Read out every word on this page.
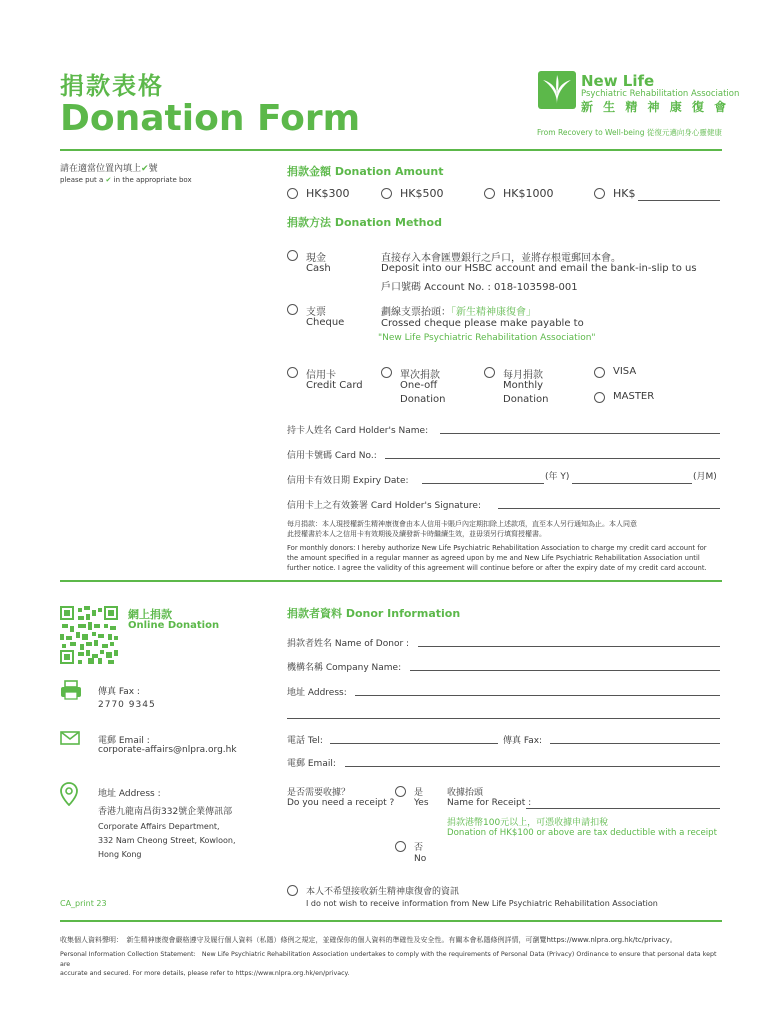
捐款表格
Donation Form
New Life
Psychiatric Rehabilitation Association
新 生 精 神 康 復 會
From Recovery to Well-being 從復元邁向身心靈健康
請在適當位置內填上✔號
please put a ✔ in the appropriate box
捐款金額 Donation Amount
HK$300	HK$500	HK$1000	HK$
捐款方法 Donation Method
現金
Cash
直接存入本會匯豐銀行之戶口，並將存根電郵回本會。
Deposit into our HSBC account and email the bank-in-slip to us
戶口號碼 Account No. : 018-103598-001
支票
Cheque
劃線支票抬頭：「新生精神康復會」
Crossed cheque please make payable to
"New Life Psychiatric Rehabilitation Association"
信用卡
Credit Card
單次捐款
One-off
Donation
每月捐款
Monthly
Donation
VISA
MASTER
持卡人姓名 Card Holder's Name:
信用卡號碼 Card No.:
信用卡有效日期 Expiry Date:	(年 Y)	(月M)
信用卡上之有效簽署 Card Holder's Signature:
每月捐款：本人現授權新生精神康復會由本人信用卡賬戶內定期扣除上述款項，直至本人另行通知為止。本人同意
此授權書於本人之信用卡有效期後及續發新卡時繼續生效，並毋須另行填寫授權書。
For monthly donors: I hereby authorize New Life Psychiatric Rehabilitation Association to charge my credit card account for
the amount specified in a regular manner as agreed upon by me and New Life Psychiatric Rehabilitation Association until
further notice. I agree the validity of this agreement will continue before or after the expiry date of my credit card account.
網上捐款
Online Donation
傳真 Fax :
2770 9345
電郵 Email :
corporate-affairs@nlpra.org.hk
地址 Address :
香港九龍南昌街332號企業傳訊部
Corporate Affairs Department,
332 Nam Cheong Street, Kowloon,
Hong Kong
CA_print 23
捐款者資料 Donor Information
捐款者姓名 Name of Donor :
機構名稱 Company Name:
地址 Address:
電話 Tel:	傳真 Fax:
電郵 Email:
是否需要收據？
Do you need a receipt ?
是
Yes
收據抬頭
Name for Receipt :
捐款港幣100元以上，可憑收據申請扣稅
Donation of HK$100 or above are tax deductible with a receipt
否
No
本人不希望接收新生精神康復會的資訊
I do not wish to receive information from New Life Psychiatric Rehabilitation Association
收集個人資料聲明：　新生精神康復會嚴格遵守及履行個人資料（私隱）條例之規定，並確保你的個人資料的準確性及安全性。有關本會私隱條例詳情，可瀏覽https://www.nlpra.org.hk/tc/privacy。
Personal Information Collection Statement:　New Life Psychiatric Rehabilitation Association undertakes to comply with the requirements of Personal Data (Privacy) Ordinance to ensure that personal data kept are
accurate and secured. For more details, please refer to https://www.nlpra.org.hk/en/privacy.
